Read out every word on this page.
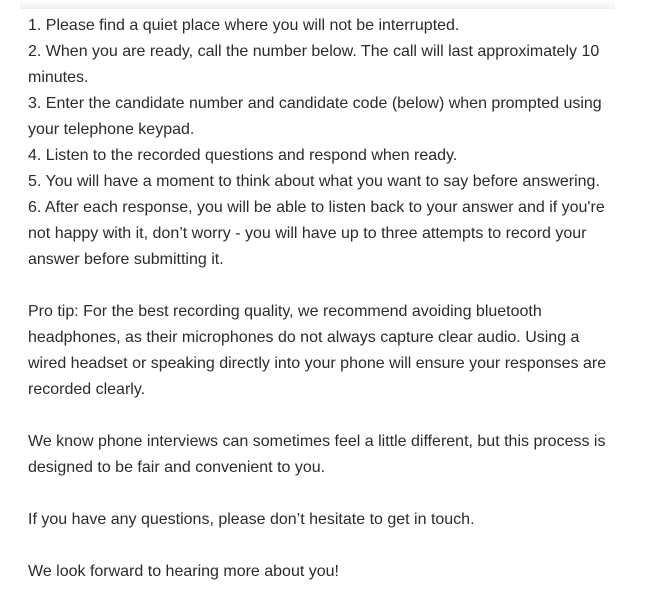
1. Please find a quiet place where you will not be interrupted.
2. When you are ready, call the number below. The call will last approximately 10 minutes.
3. Enter the candidate number and candidate code (below) when prompted using your telephone keypad.
4. Listen to the recorded questions and respond when ready.
5. You will have a moment to think about what you want to say before answering.
6. After each response, you will be able to listen back to your answer and if you're not happy with it, don’t worry - you will have up to three attempts to record your answer before submitting it.

Pro tip: For the best recording quality, we recommend avoiding bluetooth headphones, as their microphones do not always capture clear audio. Using a wired headset or speaking directly into your phone will ensure your responses are recorded clearly.

We know phone interviews can sometimes feel a little different, but this process is designed to be fair and convenient to you.

If you have any questions, please don’t hesitate to get in touch.

We look forward to hearing more about you!
